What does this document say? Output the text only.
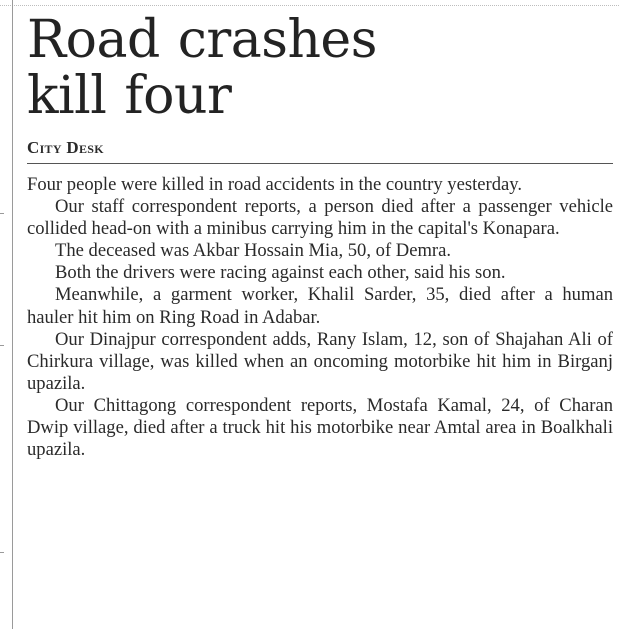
Road crashes
kill four
City Desk

Four people were killed in road accidents in the country yesterday.

Our staff correspondent reports, a person died after a passenger vehicle collided head-on with a minibus carrying him in the capital's Konapara.

The deceased was Akbar Hossain Mia, 50, of Demra.

Both the drivers were racing against each other, said his son.

Meanwhile, a garment worker, Khalil Sarder, 35, died after a human hauler hit him on Ring Road in Adabar.

Our Dinajpur correspondent adds, Rany Islam, 12, son of Shajahan Ali of Chirkura village, was killed when an oncoming motorbike hit him in Birganj upazila.

Our Chittagong correspondent reports, Mostafa Kamal, 24, of Charan Dwip village, died after a truck hit his motorbike near Amtal area in Boalkhali upazila.
